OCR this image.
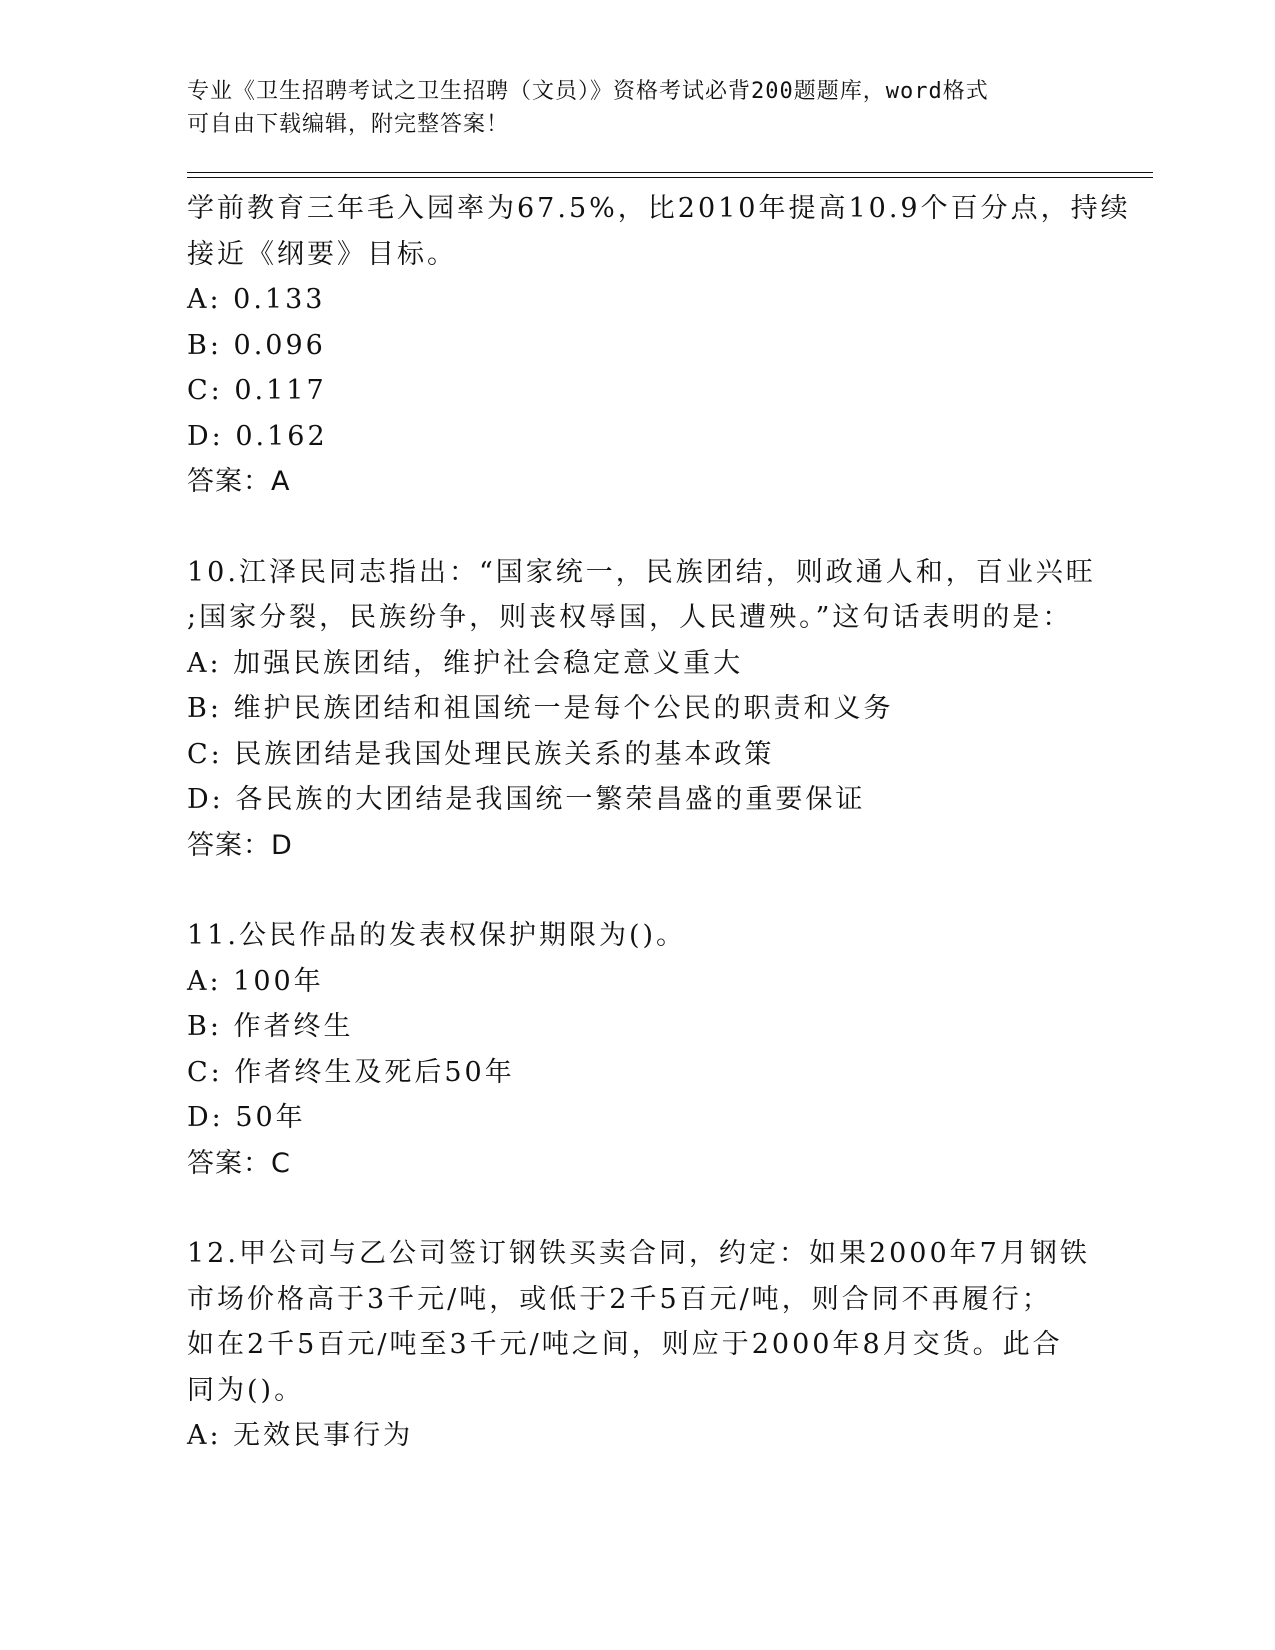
专业《卫生招聘考试之卫生招聘（文员）》资格考试必背200题题库，word格式
可自由下载编辑，附完整答案！
学前教育三年毛入园率为67.5%，比2010年提高10.9个百分点，持续
接近《纲要》目标。
A: 0.133
B: 0.096
C: 0.117
D: 0.162
答案：A
10.江泽民同志指出：“国家统一，民族团结，则政通人和，百业兴旺
;国家分裂，民族纷争，则丧权辱国，人民遭殃。”这句话表明的是：
A: 加强民族团结，维护社会稳定意义重大
B: 维护民族团结和祖国统一是每个公民的职责和义务
C: 民族团结是我国处理民族关系的基本政策
D: 各民族的大团结是我国统一繁荣昌盛的重要保证
答案：D
11.公民作品的发表权保护期限为()。
A: 100年
B: 作者终生
C: 作者终生及死后50年
D: 50年
答案：C
12.甲公司与乙公司签订钢铁买卖合同，约定：如果2000年7月钢铁
市场价格高于3千元/吨，或低于2千5百元/吨，则合同不再履行；
如在2千5百元/吨至3千元/吨之间，则应于2000年8月交货。此合
同为()。
A: 无效民事行为
